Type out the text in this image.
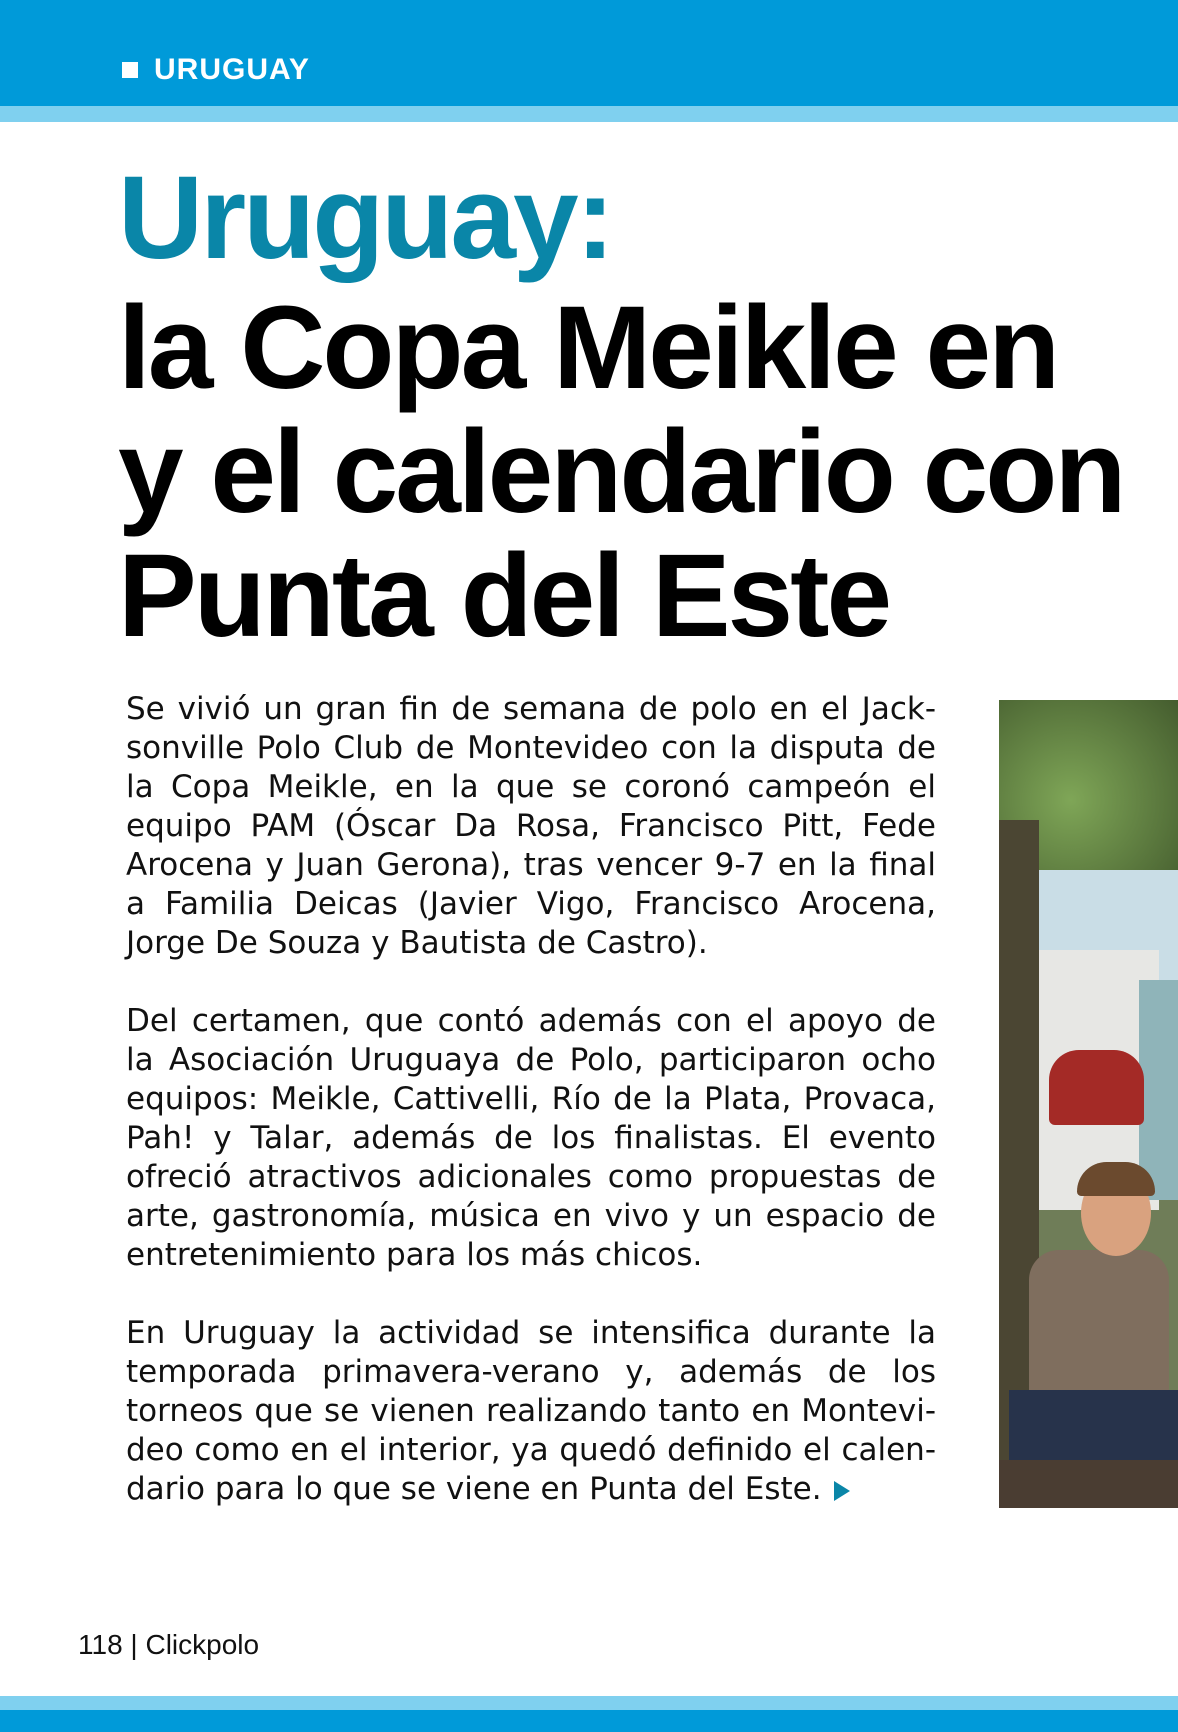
URUGUAY
Uruguay:
la Copa Meikle en
y el calendario con
Punta del Este

Se vivió un gran fin de semana de polo en el Jacksonville Polo Club de Montevideo con la disputa de la Copa Meikle, en la que se coronó campeón el equipo PAM (Óscar Da Rosa, Francisco Pitt, Fede Arocena y Juan Gerona), tras vencer 9-7 en la final a Familia Deicas (Javier Vigo, Francisco Arocena, Jorge De Souza y Bautista de Castro).

Del certamen, que contó además con el apoyo de la Asociación Uruguaya de Polo, participaron ocho equipos: Meikle, Cattivelli, Río de la Plata, Provaca, Pah! y Talar, además de los finalistas. El evento ofreció atractivos adicionales como propuestas de arte, gastronomía, música en vivo y un espacio de entretenimiento para los más chicos.

En Uruguay la actividad se intensifica durante la temporada primavera-verano y, además de los torneos que se vienen realizando tanto en Montevideo como en el interior, ya quedó definido el calendario para lo que se viene en Punta del Este.

118 | Clickpolo
